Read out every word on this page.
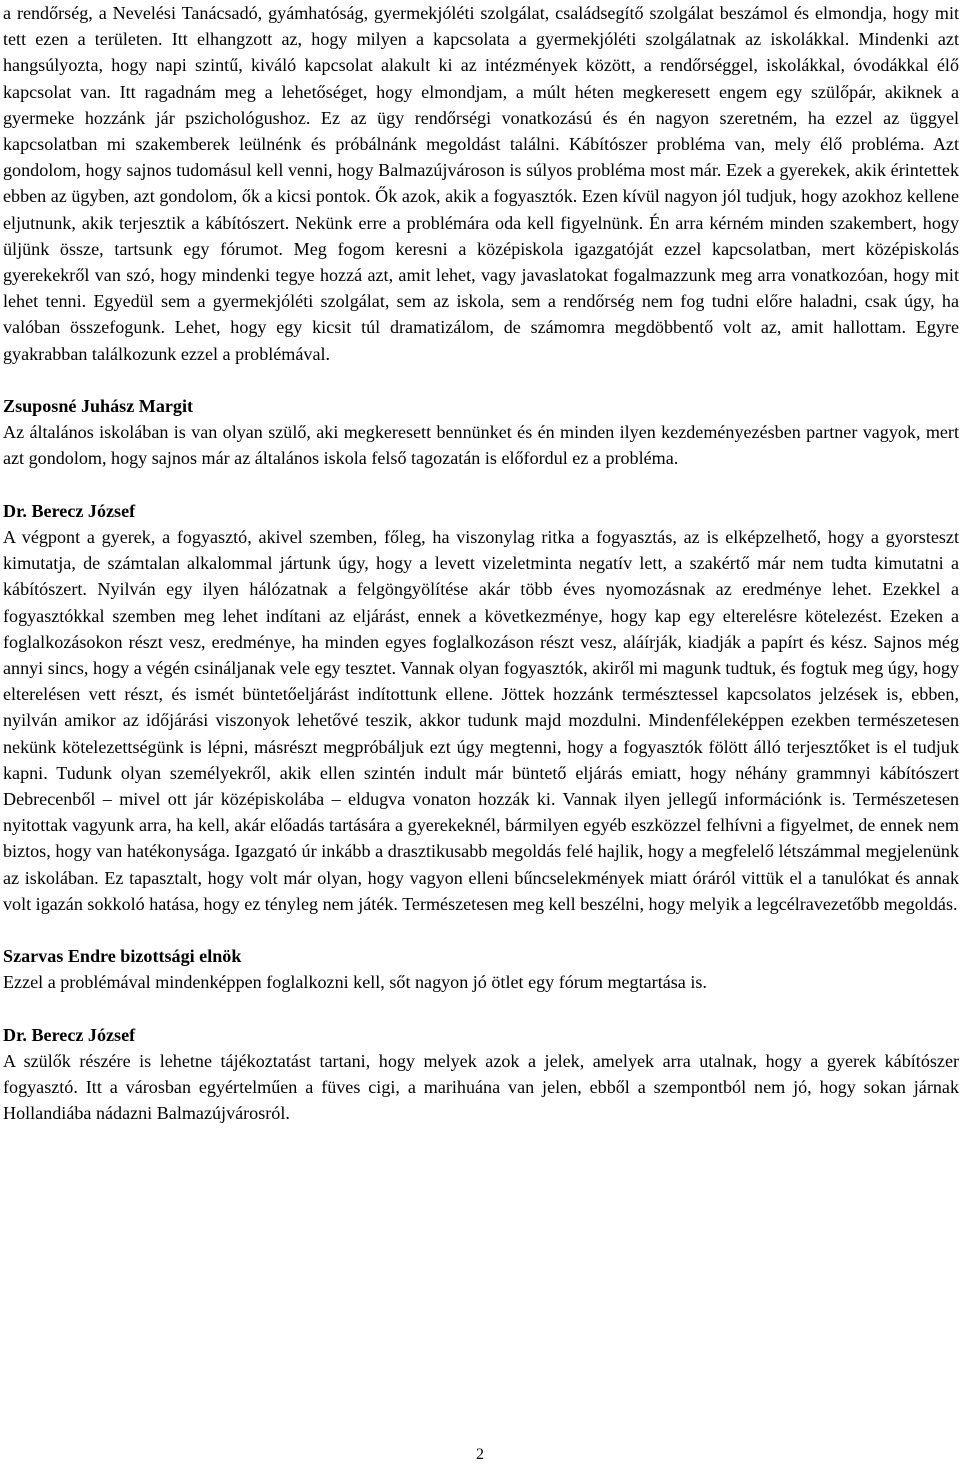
a rendőrség, a Nevelési Tanácsadó, gyámhatóság, gyermekjóléti szolgálat, családsegítő szolgálat beszámol és elmondja, hogy mit tett ezen a területen. Itt elhangzott az, hogy milyen a kapcsolata a gyermekjóléti szolgálatnak az iskolákkal. Mindenki azt hangsúlyozta, hogy napi szintű, kiváló kapcsolat alakult ki az intézmények között, a rendőrséggel, iskolákkal, óvodákkal élő kapcsolat van. Itt ragadnám meg a lehetőséget, hogy elmondjam, a múlt héten megkeresett engem egy szülőpár, akiknek a gyermeke hozzánk jár pszichológushoz. Ez az ügy rendőrségi vonatkozású és én nagyon szeretném, ha ezzel az üggyel kapcsolatban mi szakemberek leülnénk és próbálnánk megoldást találni. Kábítószer probléma van, mely élő probléma. Azt gondolom, hogy sajnos tudomásul kell venni, hogy Balmazújvároson is súlyos probléma most már. Ezek a gyerekek, akik érintettek ebben az ügyben, azt gondolom, ők a kicsi pontok. Ők azok, akik a fogyasztók. Ezen kívül nagyon jól tudjuk, hogy azokhoz kellene eljutnunk, akik terjesztik a kábítószert. Nekünk erre a problémára oda kell figyelnünk. Én arra kérném minden szakembert, hogy üljünk össze, tartsunk egy fórumot. Meg fogom keresni a középiskola igazgatóját ezzel kapcsolatban, mert középiskolás gyerekekről van szó, hogy mindenki tegye hozzá azt, amit lehet, vagy javaslatokat fogalmazzunk meg arra vonatkozóan, hogy mit lehet tenni. Egyedül sem a gyermekjóléti szolgálat, sem az iskola, sem a rendőrség nem fog tudni előre haladni, csak úgy, ha valóban összefogunk. Lehet, hogy egy kicsit túl dramatizálom, de számomra megdöbbentő volt az, amit hallottam. Egyre gyakrabban találkozunk ezzel a problémával.

Zsuposné Juhász Margit

Az általános iskolában is van olyan szülő, aki megkeresett bennünket és én minden ilyen kezdeményezésben partner vagyok, mert azt gondolom, hogy sajnos már az általános iskola felső tagozatán is előfordul ez a probléma.

Dr. Berecz József

A végpont a gyerek, a fogyasztó, akivel szemben, főleg, ha viszonylag ritka a fogyasztás, az is elképzelhető, hogy a gyorsteszt kimutatja, de számtalan alkalommal jártunk úgy, hogy a levett vizeletminta negatív lett, a szakértő már nem tudta kimutatni a kábítószert. Nyilván egy ilyen hálózatnak a felgöngyölítése akár több éves nyomozásnak az eredménye lehet. Ezekkel a fogyasztókkal szemben meg lehet indítani az eljárást, ennek a következménye, hogy kap egy elterelésre kötelezést. Ezeken a foglalkozásokon részt vesz, eredménye, ha minden egyes foglalkozáson részt vesz, aláírják, kiadják a papírt és kész. Sajnos még annyi sincs, hogy a végén csináljanak vele egy tesztet. Vannak olyan fogyasztók, akiről mi magunk tudtuk, és fogtuk meg úgy, hogy elterelésen vett részt, és ismét büntetőeljárást indítottunk ellene. Jöttek hozzánk természtessel kapcsolatos jelzések is, ebben, nyilván amikor az időjárási viszonyok lehetővé teszik, akkor tudunk majd mozdulni. Mindenféleképpen ezekben természetesen nekünk kötelezettségünk is lépni, másrészt megpróbáljuk ezt úgy megtenni, hogy a fogyasztók fölött álló terjesztőket is el tudjuk kapni. Tudunk olyan személyekről, akik ellen szintén indult már büntető eljárás emiatt, hogy néhány grammnyi kábítószert Debrecenből – mivel ott jár középiskolába – eldugva vonaton hozzák ki. Vannak ilyen jellegű információnk is. Természetesen nyitottak vagyunk arra, ha kell, akár előadás tartására a gyerekeknél, bármilyen egyéb eszközzel felhívni a figyelmet, de ennek nem biztos, hogy van hatékonysága. Igazgató úr inkább a drasztikusabb megoldás felé hajlik, hogy a megfelelő létszámmal megjelenünk az iskolában. Ez tapasztalt, hogy volt már olyan, hogy vagyon elleni bűncselekmények miatt óráról vittük el a tanulókat és annak volt igazán sokkoló hatása, hogy ez tényleg nem játék. Természetesen meg kell beszélni, hogy melyik a legcélravezetőbb megoldás.

Szarvas Endre bizottsági elnök

Ezzel a problémával mindenképpen foglalkozni kell, sőt nagyon jó ötlet egy fórum megtartása is.

Dr. Berecz József

A szülők részére is lehetne tájékoztatást tartani, hogy melyek azok a jelek, amelyek arra utalnak, hogy a gyerek kábítószer fogyasztó. Itt a városban egyértelműen a füves cigi, a marihuána van jelen, ebből a szempontból nem jó, hogy sokan járnak Hollandiába nádazni Balmazújvárosról.

2
